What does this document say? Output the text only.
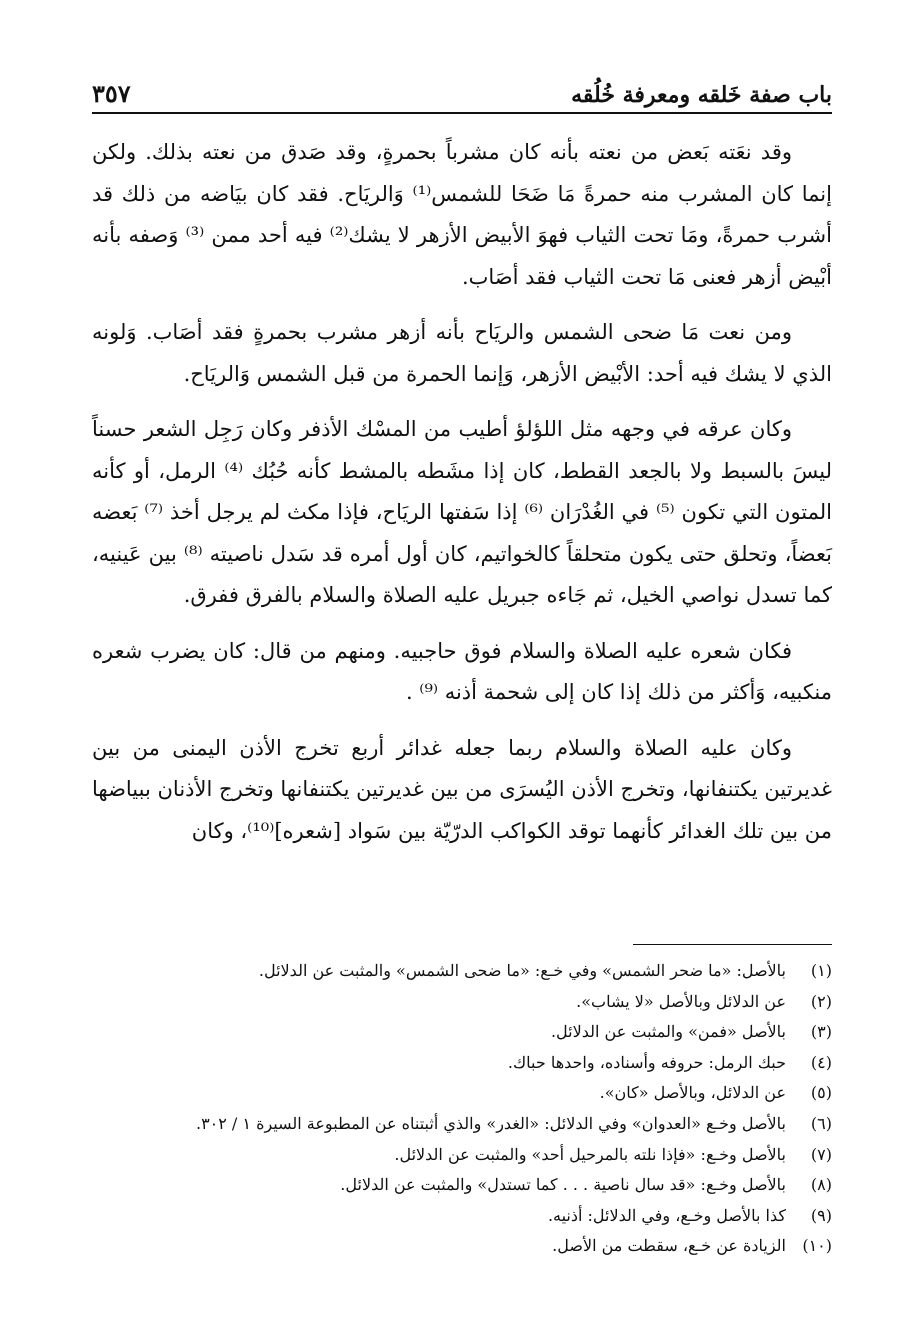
باب صفة خَلقه ومعرفة خُلُقه
٣٥٧

وقد نعَته بَعض من نعته بأنه كان مشرباً بحمرةٍ، وقد صَدق من نعته بذلك. ولكن إنما كان المشرب منه حمرةً مَا ضَحَا للشمس⁽¹⁾ وَالريَاح. فقد كان بيَاضه من ذلك قد أشرب حمرةً، ومَا تحت الثياب فهوَ الأبيض الأزهر لا يشك⁽²⁾ فيه أحد ممن ⁽³⁾ وَصفه بأنه أبْيض أزهر فعنى مَا تحت الثياب فقد أصَاب.

ومن نعت مَا ضحى الشمس والريَاح بأنه أزهر مشرب بحمرةٍ فقد أصَاب. وَلونه الذي لا يشك فيه أحد: الأبْيض الأزهر، وَإنما الحمرة من قبل الشمس وَالريَاح.

وكان عرقه في وجهه مثل اللؤلؤ أطيب من المسْك الأذفر وكان رَجِل الشعر حسناً ليسَ بالسبط ولا بالجعد القطط، كان إذا مشَطه بالمشط كأنه حُبُك ⁽⁴⁾ الرمل، أو كأنه المتون التي تكون ⁽⁵⁾ في الغُدْرَان ⁽⁶⁾ إذا سَفتها الريَاح، فإذا مكث لم يرجل أخذ ⁽⁷⁾ بَعضه بَعضاً، وتحلق حتى يكون متحلقاً كالخواتيم، كان أول أمره قد سَدل ناصيته ⁽⁸⁾ بين عَينيه، كما تسدل نواصي الخيل، ثم جَاءه جبريل عليه الصلاة والسلام بالفرق ففرق.

فكان شعره عليه الصلاة والسلام فوق حاجبيه. ومنهم من قال: كان يضرب شعره منكبيه، وَأكثر من ذلك إذا كان إلى شحمة أذنه ⁽⁹⁾ .

وكان عليه الصلاة والسلام ربما جعله غدائر أربع تخرج الأذن اليمنى من بين غديرتين يكتنفانها، وتخرج الأذن اليُسرَى من بين غديرتين يكتنفانها وتخرج الأذنان ببياضها من بين تلك الغدائر كأنهما توقد الكواكب الدرّيّة بين سَواد [شعره]⁽¹⁰⁾، وكان

(١)
بالأصل: «ما ضحر الشمس» وفي خـع: «ما ضحى الشمس» والمثبت عن الدلائل.
(٢)
عن الدلائل وبالأصل «لا يشاب».
(٣)
بالأصل «فمن» والمثبت عن الدلائل.
(٤)
حبك الرمل: حروفه وأسناده، واحدها حباك.
(٥)
عن الدلائل، وبالأصل «كان».
(٦)
بالأصل وخـع «العدوان» وفي الدلائل: «الغدر» والذي أثبتناه عن المطبوعة السيرة ١ / ٣٠٢.
(٧)
بالأصل وخـع: «فإذا نلته بالمرحيل أحد» والمثبت عن الدلائل.
(٨)
بالأصل وخـع: «قد سال ناصية . . . كما تستدل» والمثبت عن الدلائل.
(٩)
كذا بالأصل وخـع، وفي الدلائل: أذنيه.
(١٠)
الزيادة عن خـع، سقطت من الأصل.
